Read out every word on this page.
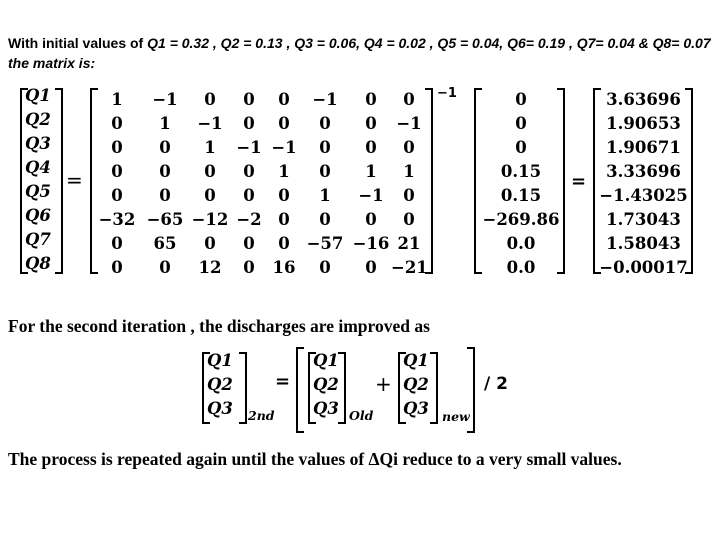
With initial values of Q1 = 0.32 , Q2 = 0.13 , Q3 = 0.06, Q4 = 0.02 , Q5 = 0.04, Q6= 0.19 , Q7= 0.04 & Q8= 0.07 the matrix is:
Q1
Q2
Q3
Q4
Q5
Q6
Q7
Q8
=
1
0
0
0
0
−32
0
0
−1
1
0
0
0
−65
65
0
0
−1
1
0
0
−12
0
12
0
0
−1
0
0
−2
0
0
0
0
−1
1
0
0
0
16
−1
0
0
0
1
0
−57
0
0
0
0
1
−1
0
−16
0
0
−1
0
1
0
0
21
−21
−1	0
0
0
0.15
0.15
−269.86
0.0
0.0
=
3.63696
1.90653
1.90671
3.33696
−1.43025
1.73043
1.58043
−0.00017
For the second iteration , the discharges are improved as
Q1
Q2
Q3 2nd
=
Q1
Q2
Q3 Old
+
Q1
Q2
Q3 new
/ 2
The process is repeated again until the values of ΔQi reduce to a very small values.
